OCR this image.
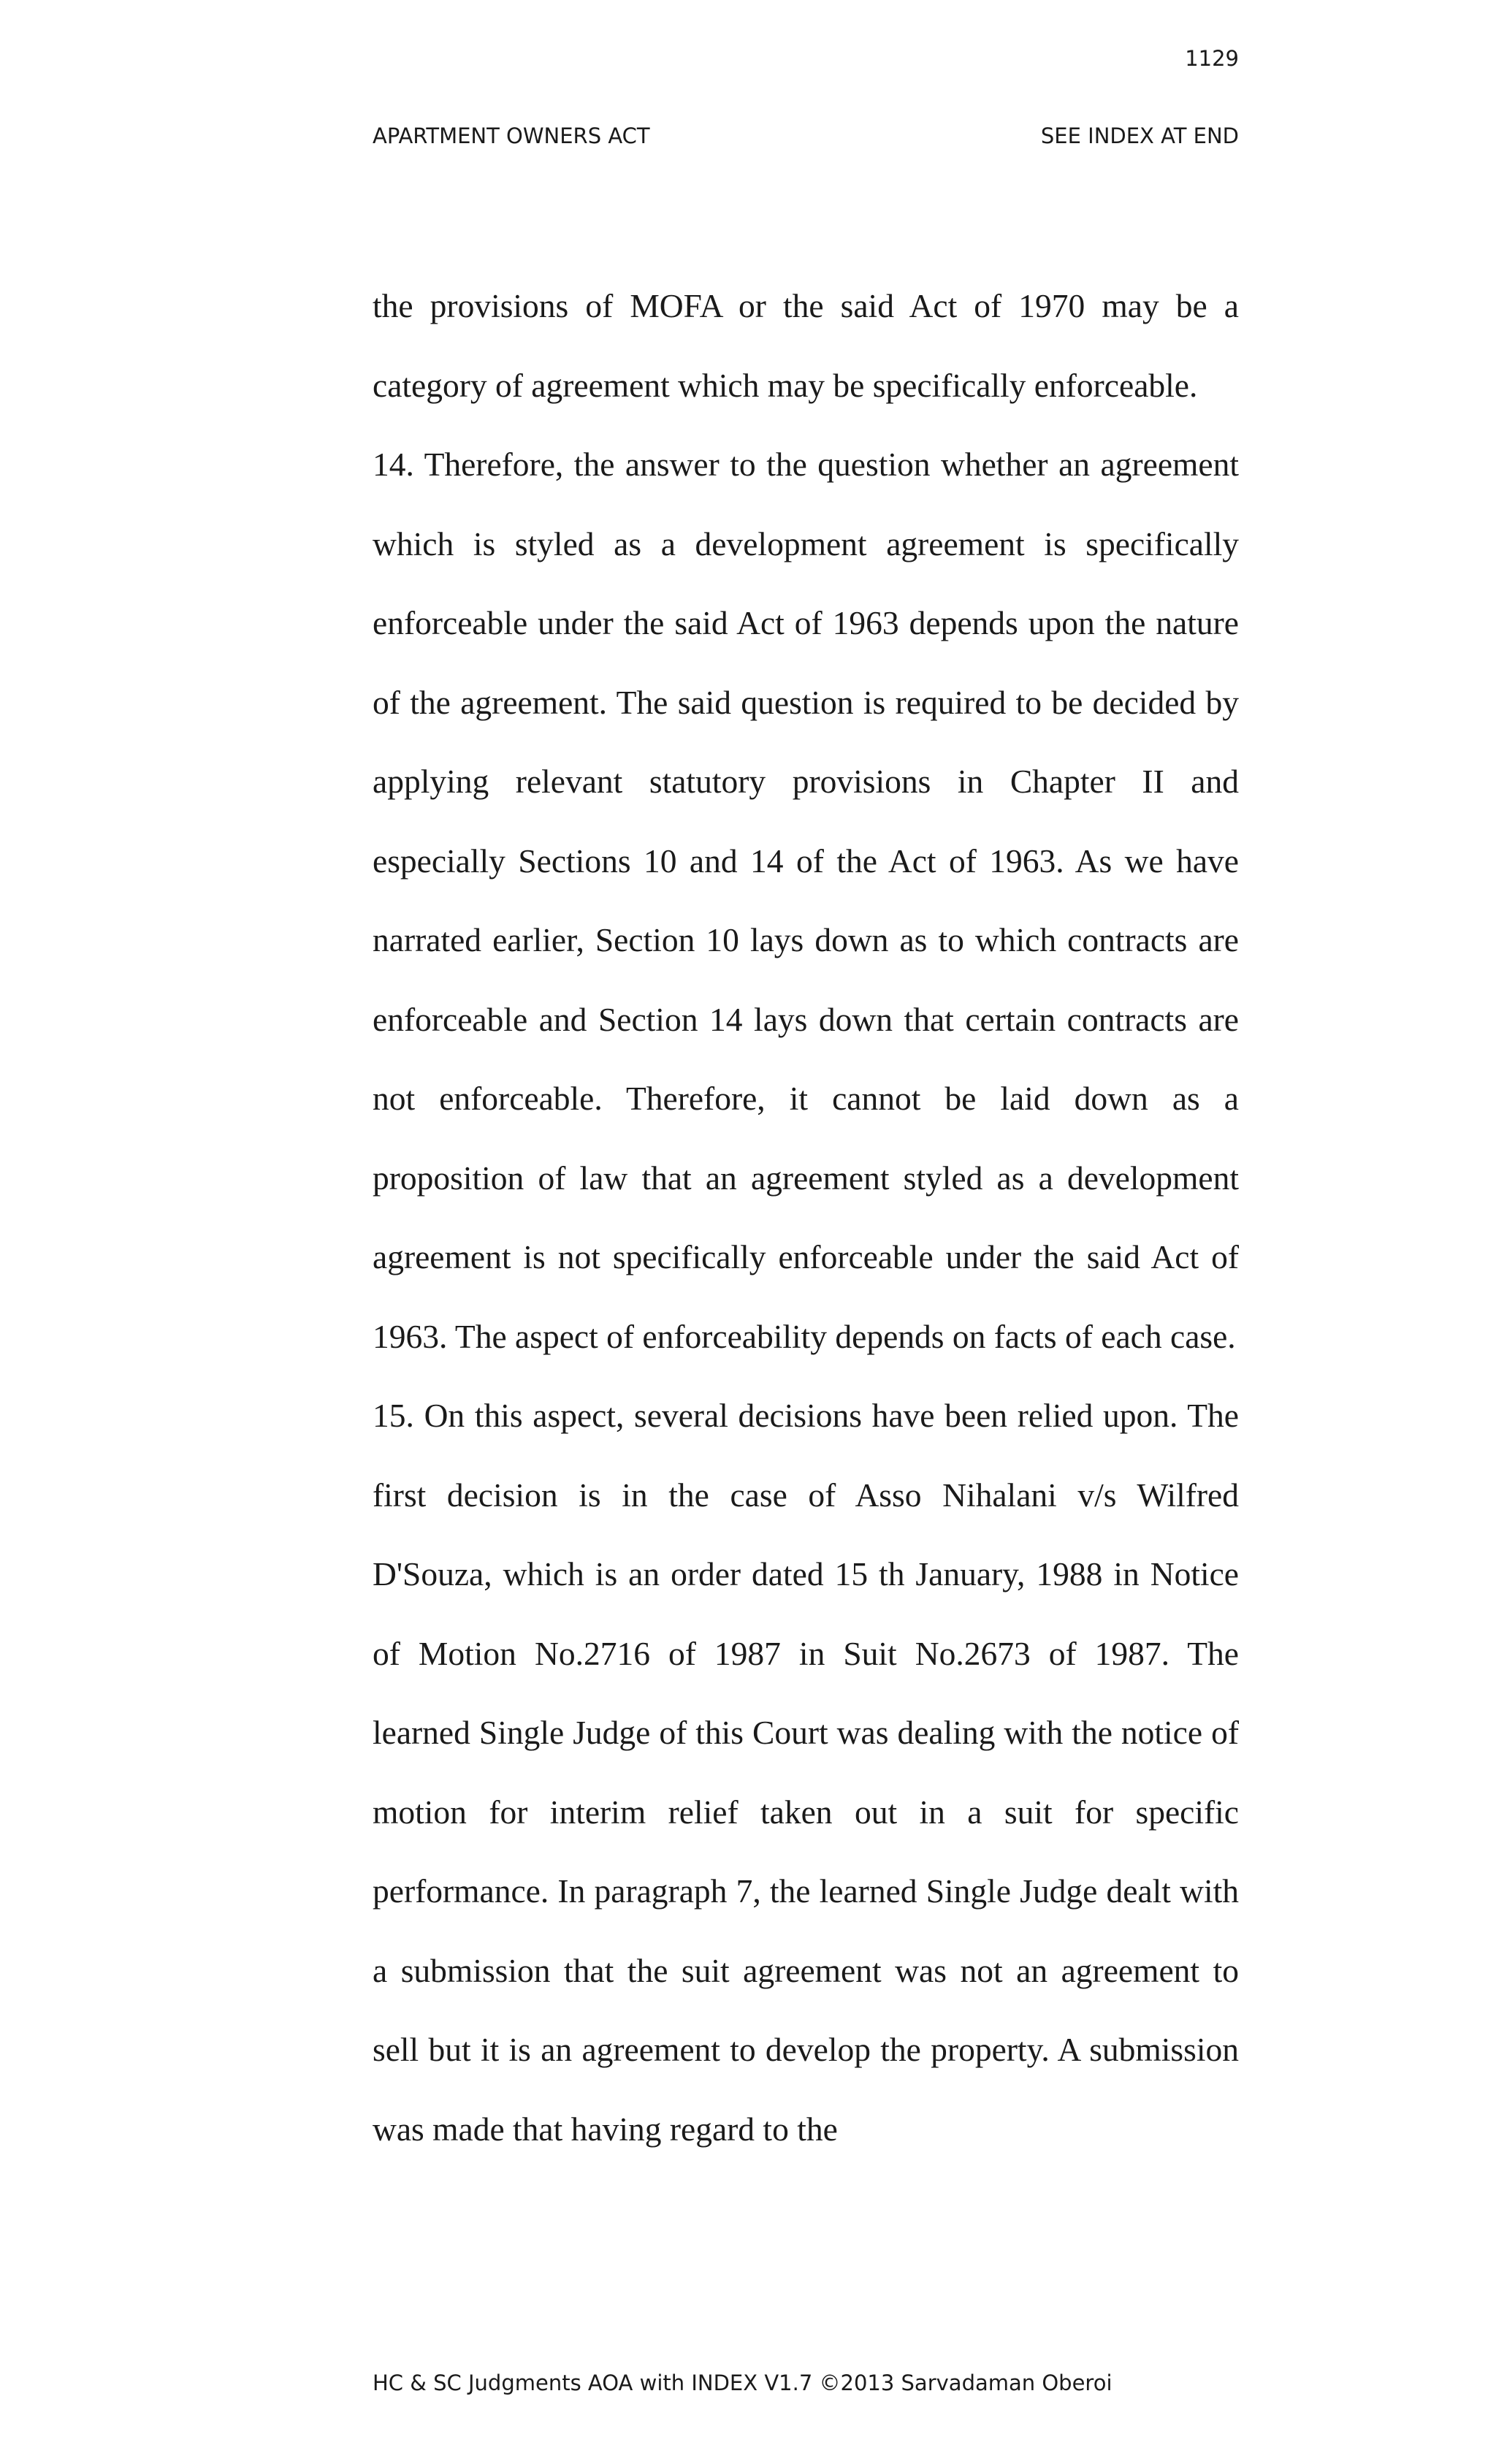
1129
APARTMENT OWNERS ACT	SEE INDEX AT END

the provisions of MOFA or the said Act of 1970 may be a category of agreement which may be specifically enforceable.

14. Therefore, the answer to the question whether an agreement which is styled as a development agreement is specifically enforceable under the said Act of 1963 depends upon the nature of the agreement. The said question is required to be decided by applying relevant statutory provisions in Chapter II and especially Sections 10 and 14 of the Act of 1963. As we have narrated earlier, Section 10 lays down as to which contracts are enforceable and Section 14 lays down that certain contracts are not enforceable. Therefore, it cannot be laid down as a proposition of law that an agreement styled as a development agreement is not specifically enforceable under the said Act of 1963. The aspect of enforceability depends on facts of each case.

15. On this aspect, several decisions have been relied upon. The first decision is in the case of Asso Nihalani v/s Wilfred D'Souza, which is an order dated 15 th January, 1988 in Notice of Motion No.2716 of 1987 in Suit No.2673 of 1987. The learned Single Judge of this Court was dealing with the notice of motion for interim relief taken out in a suit for specific performance. In paragraph 7, the learned Single Judge dealt with a submission that the suit agreement was not an agreement to sell but it is an agreement to develop the property. A submission was made that having regard to the

HC & SC Judgments AOA with INDEX V1.7 ©2013 Sarvadaman Oberoi
